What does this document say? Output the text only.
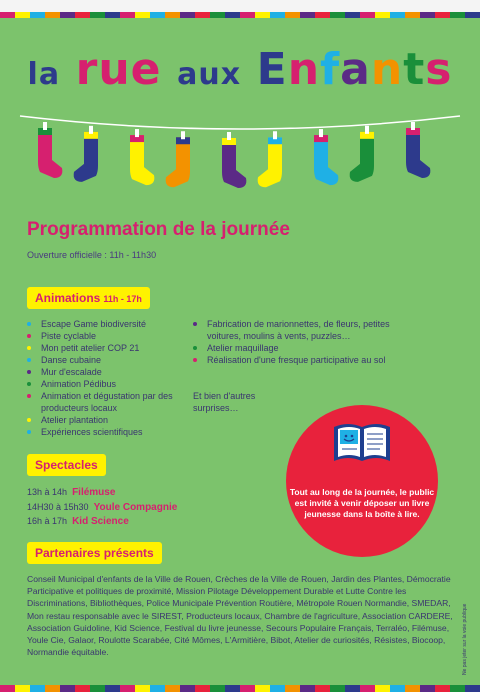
la rue aux Enfants
Programmation de la journée
Ouverture officielle : 11h - 11h30
Animations 11h - 17h
Escape Game biodiversité
Piste cyclable
Mon petit atelier COP 21
Danse cubaine
Mur d'escalade
Animation Pédibus
Animation et dégustation par des producteurs locaux
Atelier plantation
Expériences scientifiques
Fabrication de marionnettes, de fleurs, petites voitures, moulins à vents, puzzles…
Atelier maquillage
Réalisation d'une fresque participative au sol
Et bien d'autres surprises…
Spectacles
13h à 14h Filémuse
14H30 à 15h30 Youle Compagnie
16h à 17h Kid Science
Tout au long de la journée, le public est invité à venir déposer un livre jeunesse dans la boîte à lire.
Partenaires présents
Conseil Municipal d'enfants de la Ville de Rouen, Crèches de la Ville de Rouen, Jardin des Plantes, Démocratie Participative et politiques de proximité, Mission Pilotage Développement Durable et Lutte Contre les Discriminations, Bibliothèques, Police Municipale Prévention Routière, Métropole Rouen Normandie, SMEDAR, Mon restau responsable avec le SIREST, Producteurs locaux, Chambre de l'agriculture, Association CARDERE, Association Guidoline, Kid Science, Festival du livre jeunesse, Secours Populaire Français, Terraléo, Filémuse, Youle Cie, Galaor, Roulotte Scarabée, Cité Mômes, L'Armitière, Bibot, Atelier de curiosités, Résistes, Biocoop, Normandie équitable.	Ne pas jeter sur la voie publique
